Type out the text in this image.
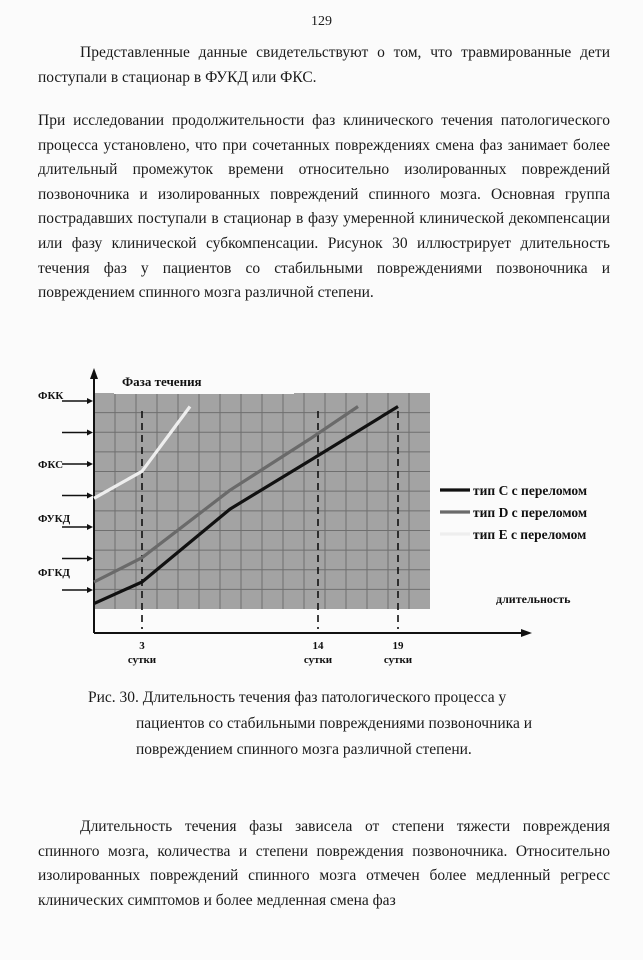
129

Представленные данные свидетельствуют о том, что травмированные дети поступали в стационар в ФУКД или ФКС.

При исследовании продолжительности фаз клинического течения патологического процесса установлено, что при сочетанных повреждениях смена фаз занимает более длительный промежуток времени относительно изолированных повреждений позвоночника и изолированных повреждений спинного мозга. Основная группа пострадавших поступали в стационар в фазу умеренной клинической декомпенсации или фазу клинической субкомпенсации. Рисунок 30 иллюстрирует длительность течения фаз у пациентов со стабильными повреждениями позвоночника и повреждением спинного мозга различной степени.

ФГКД
ФУКД
ФКС
ФКК
Фаза течения
длительность
3
сутки
14
сутки
19
сутки
тип С с переломом
тип D с переломом
тип Е с переломом
Рис. 30. Длительность течения фаз патологического процесса у
пациентов со стабильными повреждениями позвоночника и
повреждением спинного мозга различной степени.

Длительность течения фазы зависела от степени тяжести повреждения спинного мозга, количества и степени повреждения позвоночника. Относительно изолированных повреждений спинного мозга отмечен более медленный регресс клинических симптомов и более медленная смена фаз
